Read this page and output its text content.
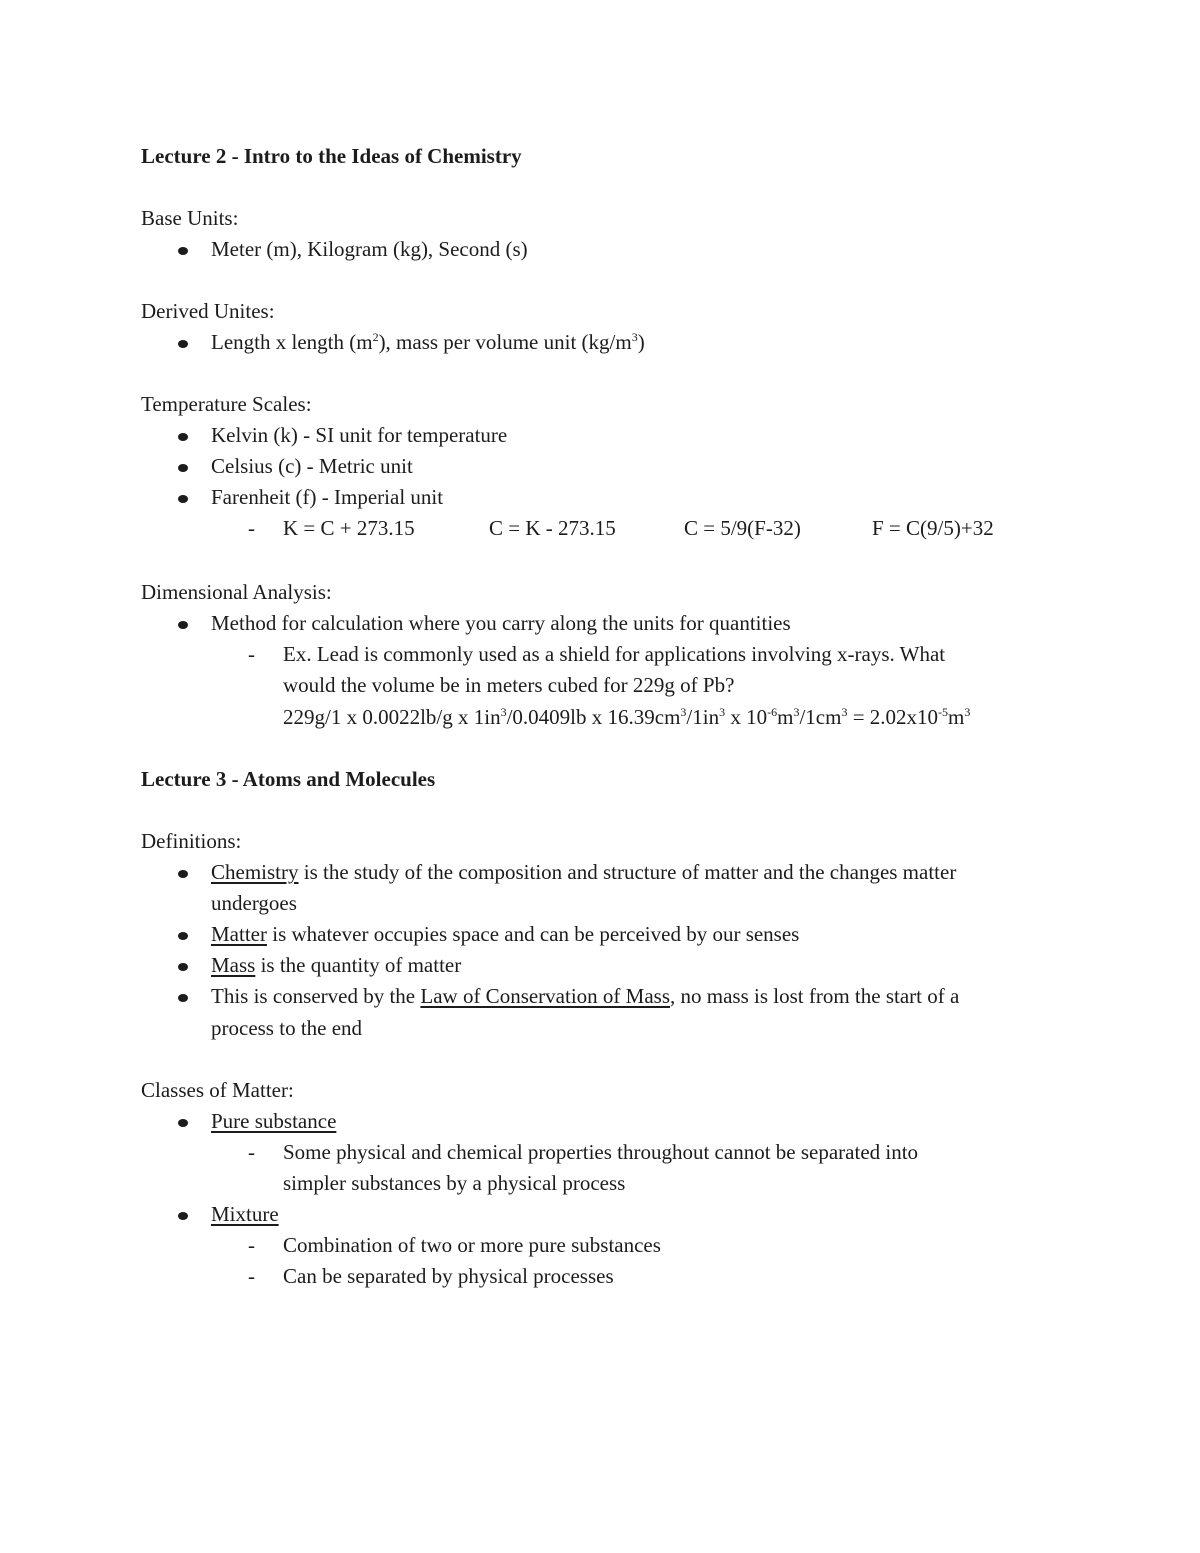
Lecture 2 - Intro to the Ideas of Chemistry
Base Units:
Meter (m), Kilogram (kg), Second (s)
Derived Unites:
Length x length $(m^2)$, mass per volume unit $(kg/m^3)$
Temperature Scales:
Kelvin (k) - SI unit for temperature
Celsius (c) - Metric unit
Farenheit (f) - Imperial unit
- K = C + 273.15	C = K - 273.15	C = 5/9(F-32)	F = C(9/5)+32
Dimensional Analysis:
Method for calculation where you carry along the units for quantities
- Ex. Lead is commonly used as a shield for applications involving x-rays. What
would the volume be in meters cubed for 229g of Pb?
229g/1 x 0.0022lb/g x $1in^3/0.0409lb$ x $16.39cm^3/1in^3$ x $10^{-6}m^3/1cm^3 = 2.02x10^{-5}m^3$
Lecture 3 - Atoms and Molecules
Definitions:
Chemistry is the study of the composition and structure of matter and the changes matter
undergoes
Matter is whatever occupies space and can be perceived by our senses
Mass is the quantity of matter
This is conserved by the Law of Conservation of Mass, no mass is lost from the start of a
process to the end
Classes of Matter:
Pure substance
- Some physical and chemical properties throughout cannot be separated into
simpler substances by a physical process
Mixture
- Combination of two or more pure substances
- Can be separated by physical processes
